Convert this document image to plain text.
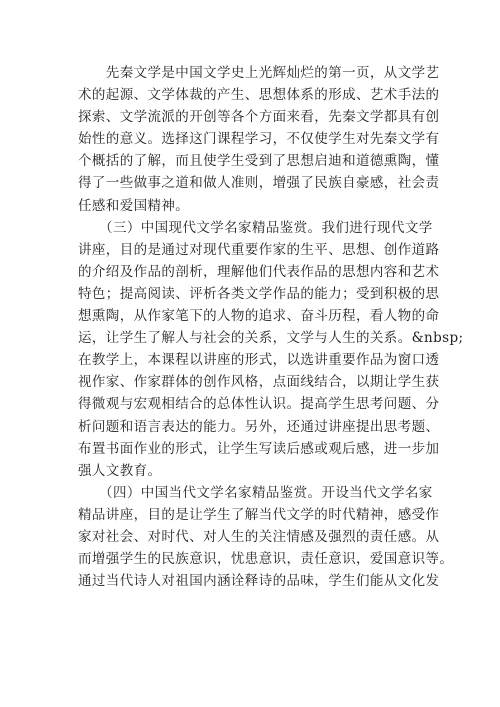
　　先秦文学是中国文学史上光辉灿烂的第一页，从文学艺
术的起源、文学体裁的产生、思想体系的形成、艺术手法的
探索、文学流派的开创等各个方面来看，先秦文学都具有创
始性的意义。选择这门课程学习，不仅使学生对先秦文学有
个概括的了解，而且使学生受到了思想启迪和道德熏陶，懂
得了一些做事之道和做人准则，增强了民族自豪感，社会责
任感和爱国精神。
　　（三）中国现代文学名家精品鉴赏。我们进行现代文学
讲座，目的是通过对现代重要作家的生平、思想、创作道路
的介绍及作品的剖析，理解他们代表作品的思想内容和艺术
特色；提高阅读、评析各类文学作品的能力；受到积极的思
想熏陶，从作家笔下的人物的追求、奋斗历程，看人物的命
运，让学生了解人与社会的关系，文学与人生的关系。&nbsp;
在教学上，本课程以讲座的形式，以选讲重要作品为窗口透
视作家、作家群体的创作风格，点面线结合，以期让学生获
得微观与宏观相结合的总体性认识。提高学生思考问题、分
析问题和语言表达的能力。另外，还通过讲座提出思考题、
布置书面作业的形式，让学生写读后感或观后感，进一步加
强人文教育。
　　（四）中国当代文学名家精品鉴赏。开设当代文学名家
精品讲座，目的是让学生了解当代文学的时代精神，感受作
家对社会、对时代、对人生的关注情感及强烈的责任感。从
而增强学生的民族意识，忧患意识，责任意识，爱国意识等。
通过当代诗人对祖国内涵诠释诗的品味，学生们能从文化发
